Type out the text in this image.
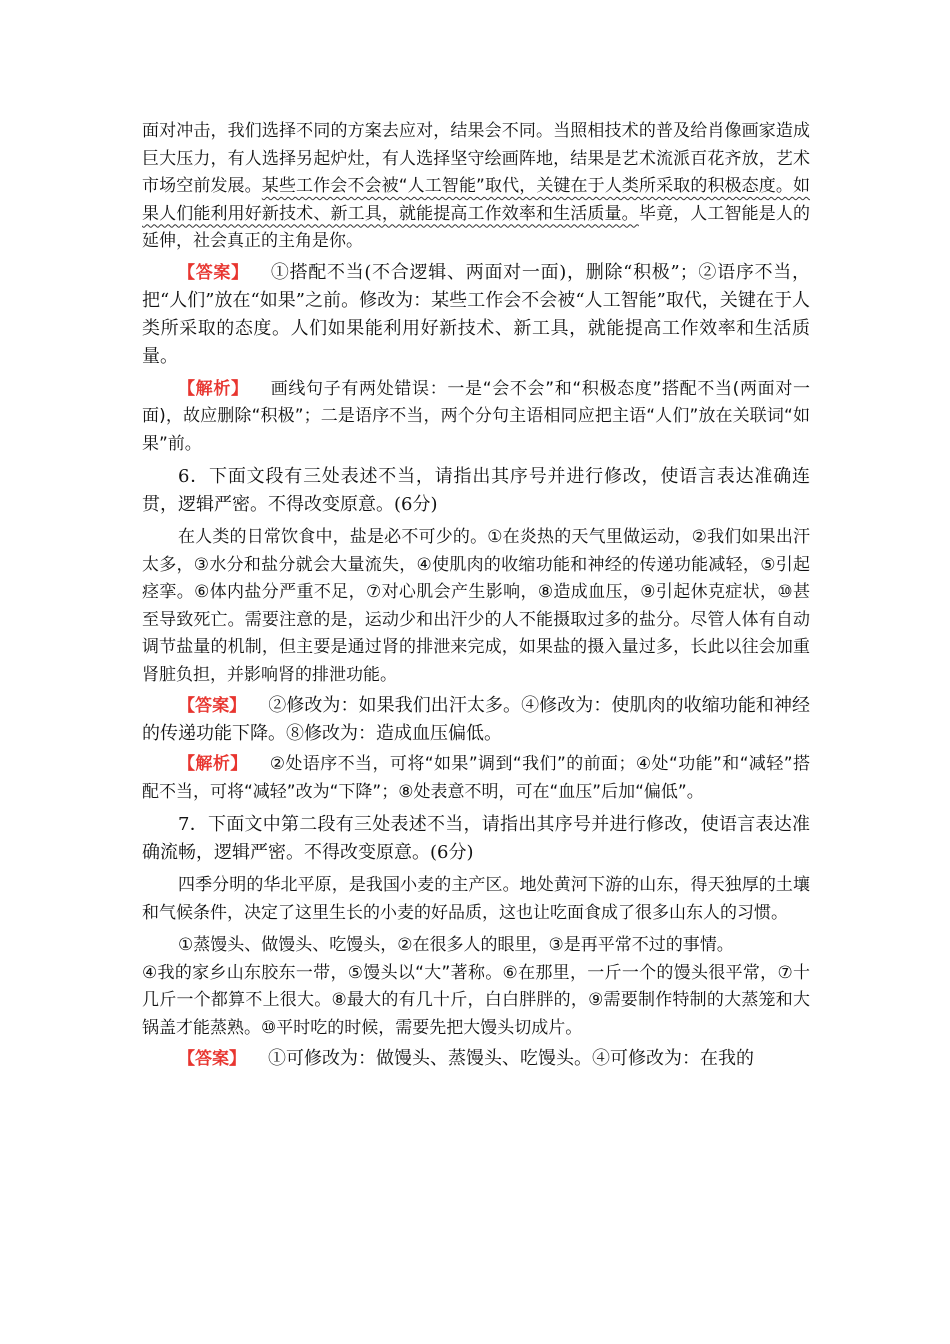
面对冲击，我们选择不同的方案去应对，结果会不同。当照相技术的普及给肖像画家造成巨大压力，有人选择另起炉灶，有人选择坚守绘画阵地，结果是艺术流派百花齐放，艺术市场空前发展。某些工作会不会被“人工智能”取代，关键在于人类所采取的积极态度。如果人们能利用好新技术、新工具，就能提高工作效率和生活质量。毕竟，人工智能是人的延伸，社会真正的主角是你。

【答案】 ①搭配不当(不合逻辑、两面对一面)，删除“积极”；②语序不当，把“人们”放在“如果”之前。修改为：某些工作会不会被“人工智能”取代，关键在于人类所采取的态度。人们如果能利用好新技术、新工具，就能提高工作效率和生活质量。

【解析】 画线句子有两处错误：一是“会不会”和“积极态度”搭配不当(两面对一面)，故应删除“积极”；二是语序不当，两个分句主语相同应把主语“人们”放在关联词“如果”前。

6．下面文段有三处表述不当，请指出其序号并进行修改，使语言表达准确连贯，逻辑严密。不得改变原意。(6分)

在人类的日常饮食中，盐是必不可少的。①在炎热的天气里做运动，②我们如果出汗太多，③水分和盐分就会大量流失，④使肌肉的收缩功能和神经的传递功能减轻，⑤引起痉挛。⑥体内盐分严重不足，⑦对心肌会产生影响，⑧造成血压，⑨引起休克症状，⑩甚至导致死亡。需要注意的是，运动少和出汗少的人不能摄取过多的盐分。尽管人体有自动调节盐量的机制，但主要是通过肾的排泄来完成，如果盐的摄入量过多，长此以往会加重肾脏负担，并影响肾的排泄功能。

【答案】 ②修改为：如果我们出汗太多。④修改为：使肌肉的收缩功能和神经的传递功能下降。⑧修改为：造成血压偏低。

【解析】 ②处语序不当，可将“如果”调到“我们”的前面；④处“功能”和“减轻”搭配不当，可将“减轻”改为“下降”；⑧处表意不明，可在“血压”后加“偏低”。

7．下面文中第二段有三处表述不当，请指出其序号并进行修改，使语言表达准确流畅，逻辑严密。不得改变原意。(6分)

四季分明的华北平原，是我国小麦的主产区。地处黄河下游的山东，得天独厚的土壤和气候条件，决定了这里生长的小麦的好品质，这也让吃面食成了很多山东人的习惯。

①蒸馒头、做馒头、吃馒头，②在很多人的眼里，③是再平常不过的事情。

④我的家乡山东胶东一带，⑤馒头以“大”著称。⑥在那里，一斤一个的馒头很平常，⑦十几斤一个都算不上很大。⑧最大的有几十斤，白白胖胖的，⑨需要制作特制的大蒸笼和大锅盖才能蒸熟。⑩平时吃的时候，需要先把大馒头切成片。

【答案】 ①可修改为：做馒头、蒸馒头、吃馒头。④可修改为：在我的
